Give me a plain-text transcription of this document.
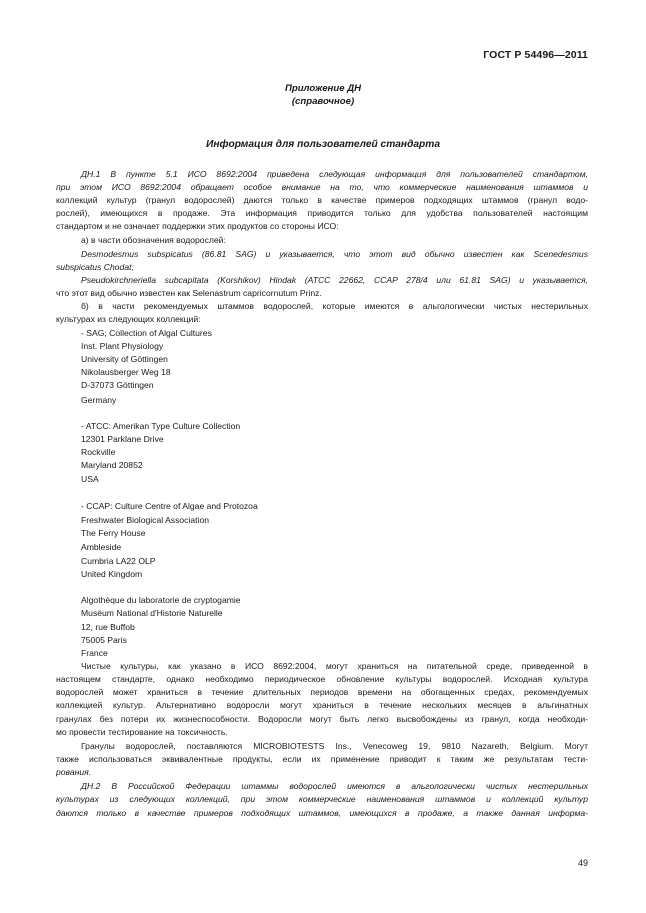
ГОСТ Р 54496—2011
Приложение ДН
(справочное)
Информация для пользователей стандарта
ДН.1 В пункте 5.1 ИСО 8692:2004 приведена следующая информация для пользователей стандартом,
при этом ИСО 8692:2004 обращает особое внимание на то, что коммерческие наименования штаммов и
коллекций культур (гранул водорослей) даются только в качестве примеров подходящих штаммов (гранул водо-
рослей), имеющихся в продаже. Эта информация приводится только для удобства пользователей настоящим
стандартом и не означает поддержки этих продуктов со стороны ИСО:
а) в части обозначения водорослей:
Desmodesmus subspicatus (86.81 SAG) и указывается, что этот вид обычно известен как Scenedesmus
subspicatus Chodat;
Pseudokirchneriella subcapitata (Korshikov) Hindak (ATCC 22662, CCAP 278/4 или 61.81 SAG) и указывается,
что этот вид обычно известен как Selenastrum capricornutum Prinz.
б) в части рекомендуемых штаммов водорослей, которые имеются в альгологически чистых нестерильных
культурах из следующих коллекций:
- SAG; Collection of Algal Cultures
Inst. Plant Physiology
University of Göttingen
Nikolausberger Weg 18
D-37073 Göttingen
Germany
- ATCC: Amerikan Type Culture Collection
12301 Parklane Drive
Rockville
Maryland 20852
USA
- CCAP: Culture Centre of Algae and Protozoa
Freshwater Biological Association
The Ferry House
Ambleside
Cumbria LA22 OLP
United Kingdom
Algothèque du laboratorie de cryptogamie
Muséum National d'Historie Naturelle
12, rue Buffob
75005 Paris
France
Чистые культуры, как указано в ИСО 8692:2004, могут храниться на питательной среде, приведенной в
настоящем стандарте, однако необходимо периодическое обновление культуры водорослей. Исходная культура
водорослей может храниться в течение длительных периодов времени на обогащенных средах, рекомендуемых
коллекцией культур. Альтернативно водоросли могут храниться в течение нескольких месяцев в альгинатных
гранулах без потери их жизнеспособности. Водоросли могут быть легко высвобождены из гранул, когда необходи-
мо провести тестирование на токсичность.
Гранулы водорослей, поставляются MICROBIOTESTS Ins., Venecoweg 19, 9810 Nazareth, Belgium. Могут
также использоваться эквивалентные продукты, если их применение приводит к таким же результатам тести-
рования.
ДН.2 В Российской Федерации штаммы водорослей имеются в альгологически чистых нестерильных
культурах из следующих коллекций, при этом коммерческие наименования штаммов и коллекций культур
даются только в качестве примеров подходящих штаммов, имеющихся в продаже, а также данная информа-
49
